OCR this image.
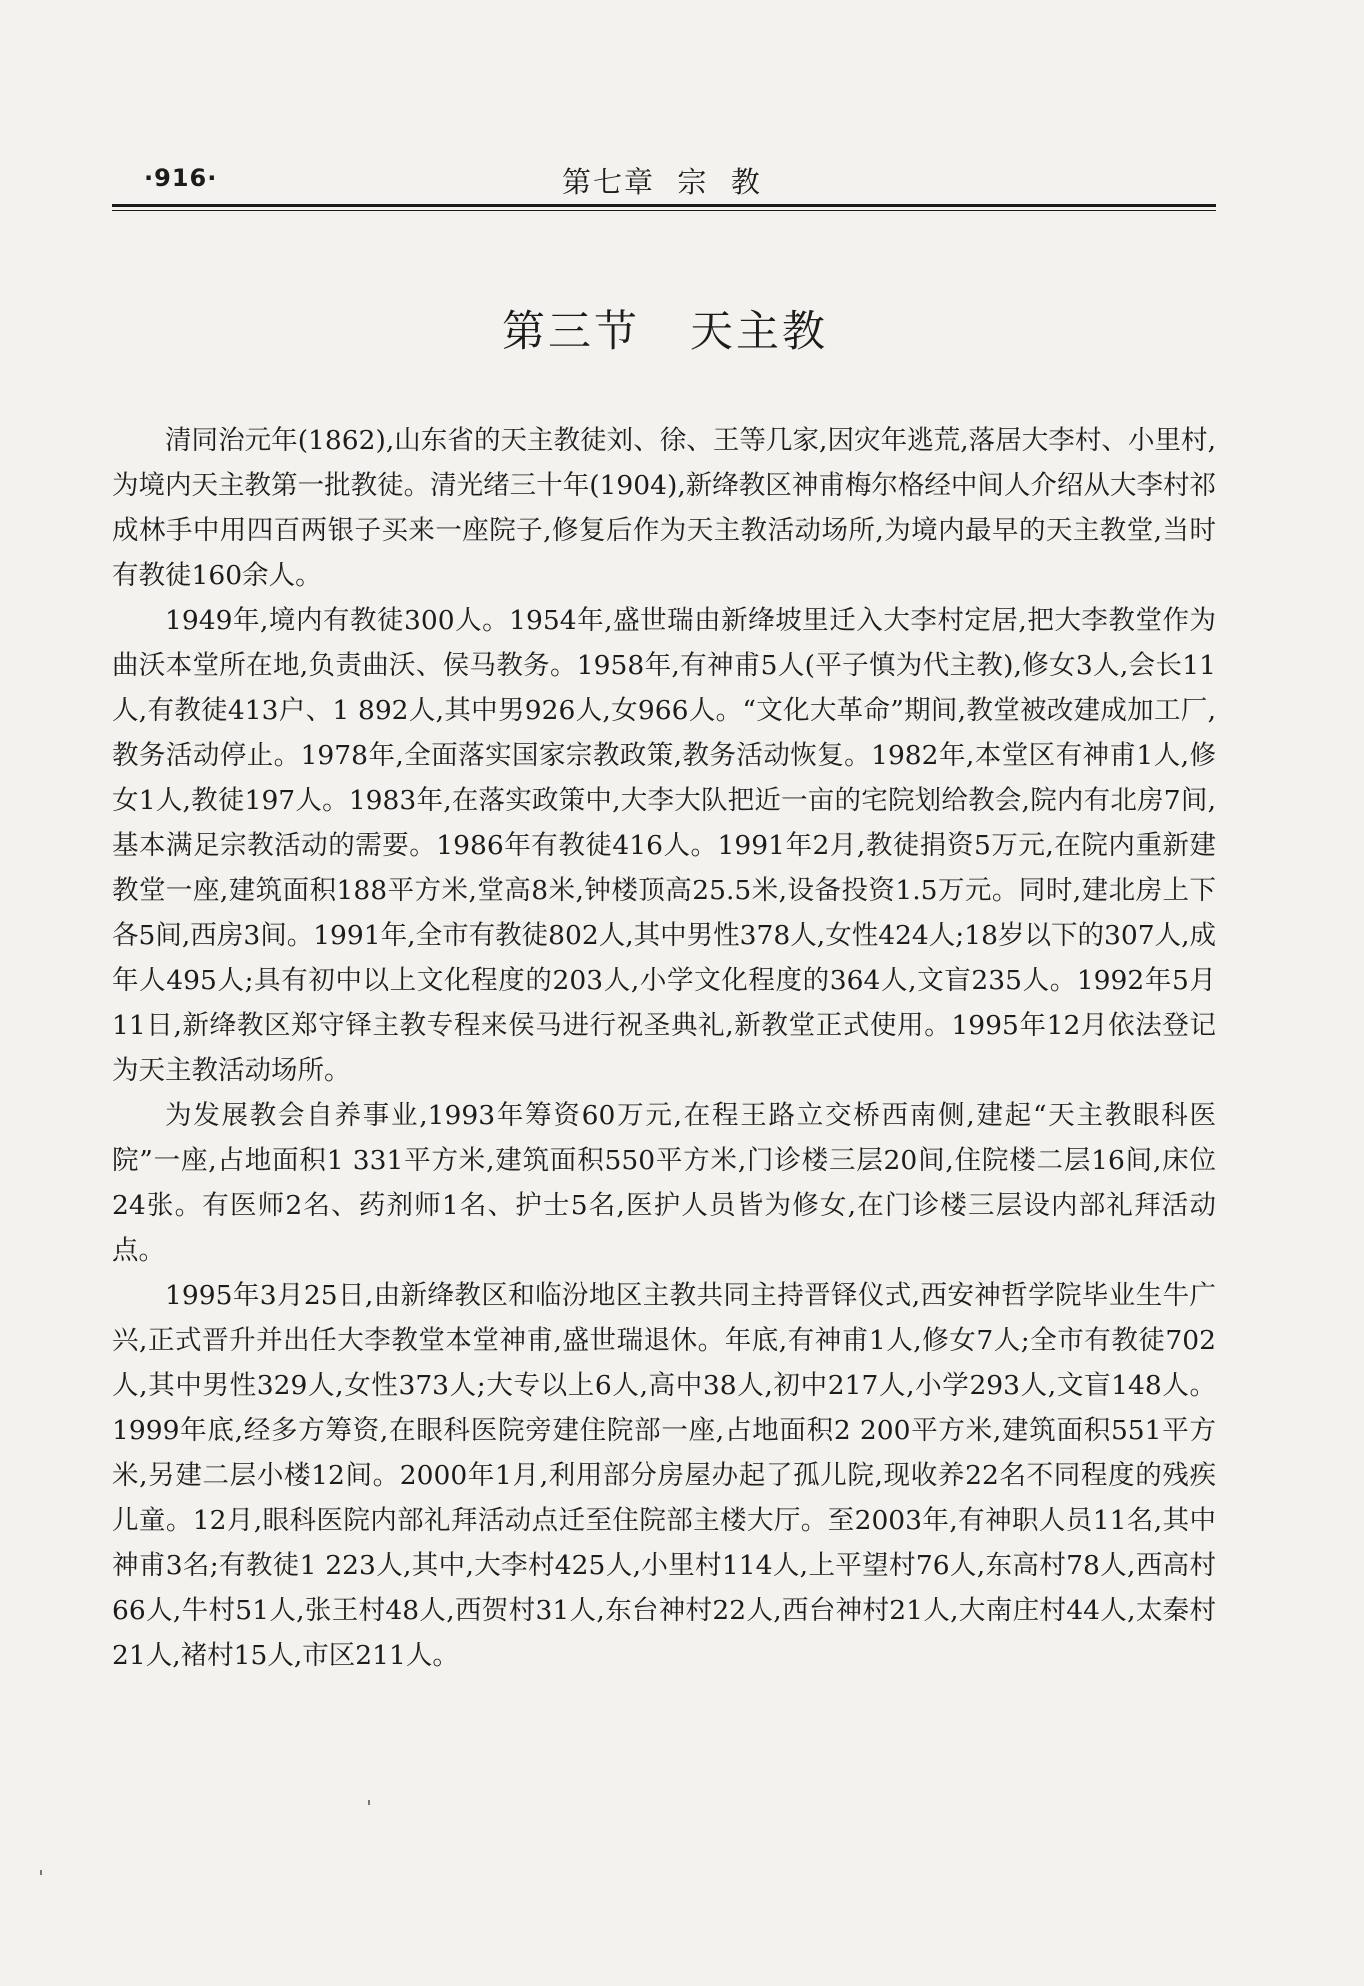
·916·	第七章  宗  教
第三节   天主教

清同治元年(1862),山东省的天主教徒刘、徐、王等几家,因灾年逃荒,落居大李村、小里村,为境内天主教第一批教徒。清光绪三十年(1904),新绛教区神甫梅尔格经中间人介绍从大李村祁成林手中用四百两银子买来一座院子,修复后作为天主教活动场所,为境内最早的天主教堂,当时有教徒160余人。

1949年,境内有教徒300人。1954年,盛世瑞由新绛坡里迁入大李村定居,把大李教堂作为曲沃本堂所在地,负责曲沃、侯马教务。1958年,有神甫5人(平子慎为代主教),修女3人,会长11人,有教徒413户、1 892人,其中男926人,女966人。“文化大革命”期间,教堂被改建成加工厂,教务活动停止。1978年,全面落实国家宗教政策,教务活动恢复。1982年,本堂区有神甫1人,修女1人,教徒197人。1983年,在落实政策中,大李大队把近一亩的宅院划给教会,院内有北房7间,基本满足宗教活动的需要。1986年有教徒416人。1991年2月,教徒捐资5万元,在院内重新建教堂一座,建筑面积188平方米,堂高8米,钟楼顶高25.5米,设备投资1.5万元。同时,建北房上下各5间,西房3间。1991年,全市有教徒802人,其中男性378人,女性424人;18岁以下的307人,成年人495人;具有初中以上文化程度的203人,小学文化程度的364人,文盲235人。1992年5月11日,新绛教区郑守铎主教专程来侯马进行祝圣典礼,新教堂正式使用。1995年12月依法登记为天主教活动场所。

为发展教会自养事业,1993年筹资60万元,在程王路立交桥西南侧,建起“天主教眼科医院”一座,占地面积1 331平方米,建筑面积550平方米,门诊楼三层20间,住院楼二层16间,床位24张。有医师2名、药剂师1名、护士5名,医护人员皆为修女,在门诊楼三层设内部礼拜活动点。

1995年3月25日,由新绛教区和临汾地区主教共同主持晋铎仪式,西安神哲学院毕业生牛广兴,正式晋升并出任大李教堂本堂神甫,盛世瑞退休。年底,有神甫1人,修女7人;全市有教徒702人,其中男性329人,女性373人;大专以上6人,高中38人,初中217人,小学293人,文盲148人。1999年底,经多方筹资,在眼科医院旁建住院部一座,占地面积2 200平方米,建筑面积551平方米,另建二层小楼12间。2000年1月,利用部分房屋办起了孤儿院,现收养22名不同程度的残疾儿童。12月,眼科医院内部礼拜活动点迁至住院部主楼大厅。至2003年,有神职人员11名,其中神甫3名;有教徒1 223人,其中,大李村425人,小里村114人,上平望村76人,东高村78人,西高村66人,牛村51人,张王村48人,西贺村31人,东台神村22人,西台神村21人,大南庄村44人,太秦村21人,褚村15人,市区211人。
